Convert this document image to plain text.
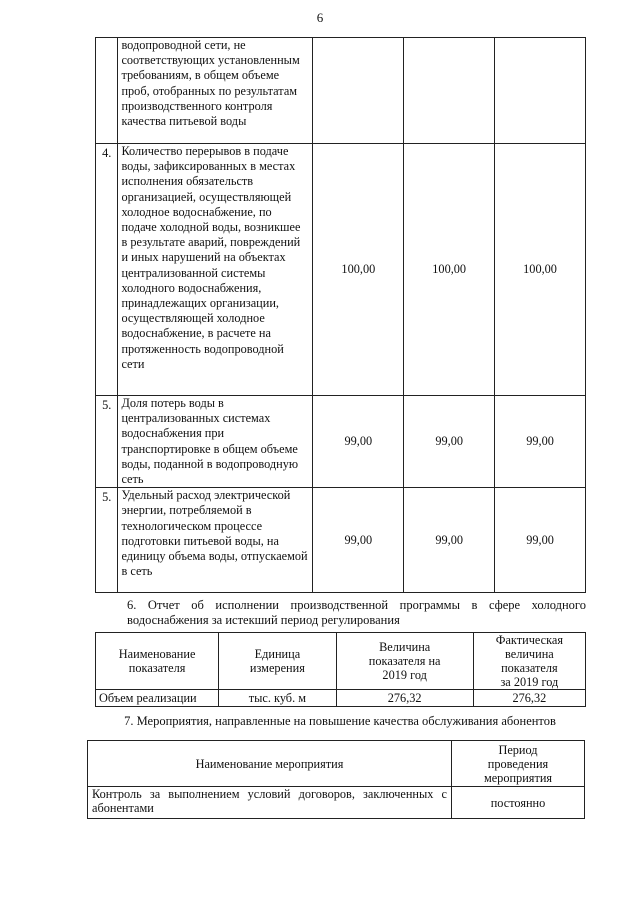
6
	водопроводной сети, не соответствующих установленным требованиям, в общем объеме проб, отобранных по результатам производственного контроля качества питьевой воды			
4.	Количество перерывов в подаче воды, зафиксированных в местах исполнения обязательств организацией, осуществляющей холодное водоснабжение, по подаче холодной воды, возникшее в результате аварий, повреждений и иных нарушений на объектах централизованной системы холодного водоснабжения, принадлежащих организации, осуществляющей холодное водоснабжение, в расчете на протяженность водопроводной сети	100,00	100,00	100,00
5.	Доля потерь воды в централизованных системах водоснабжения при транспортировке в общем объеме воды, поданной в водопроводную сеть	99,00	99,00	99,00
5.	Удельный расход электрической энергии, потребляемой в технологическом процессе подготовки питьевой воды, на единицу объема воды, отпускаемой в сеть	99,00	99,00	99,00
6. Отчет об исполнении производственной программы в сфере холодного водоснабжения за истекший период регулирования
Наименование показателя	Единица измерения	Величина показателя на 2019 год	Фактическая величина показателя за 2019 год
Объем реализации	тыс. куб. м	276,32	276,32
7. Мероприятия, направленные на повышение качества обслуживания абонентов
Наименование мероприятия	Период проведения мероприятия
Контроль за выполнением условий договоров, заключенных с абонентами	постоянно
